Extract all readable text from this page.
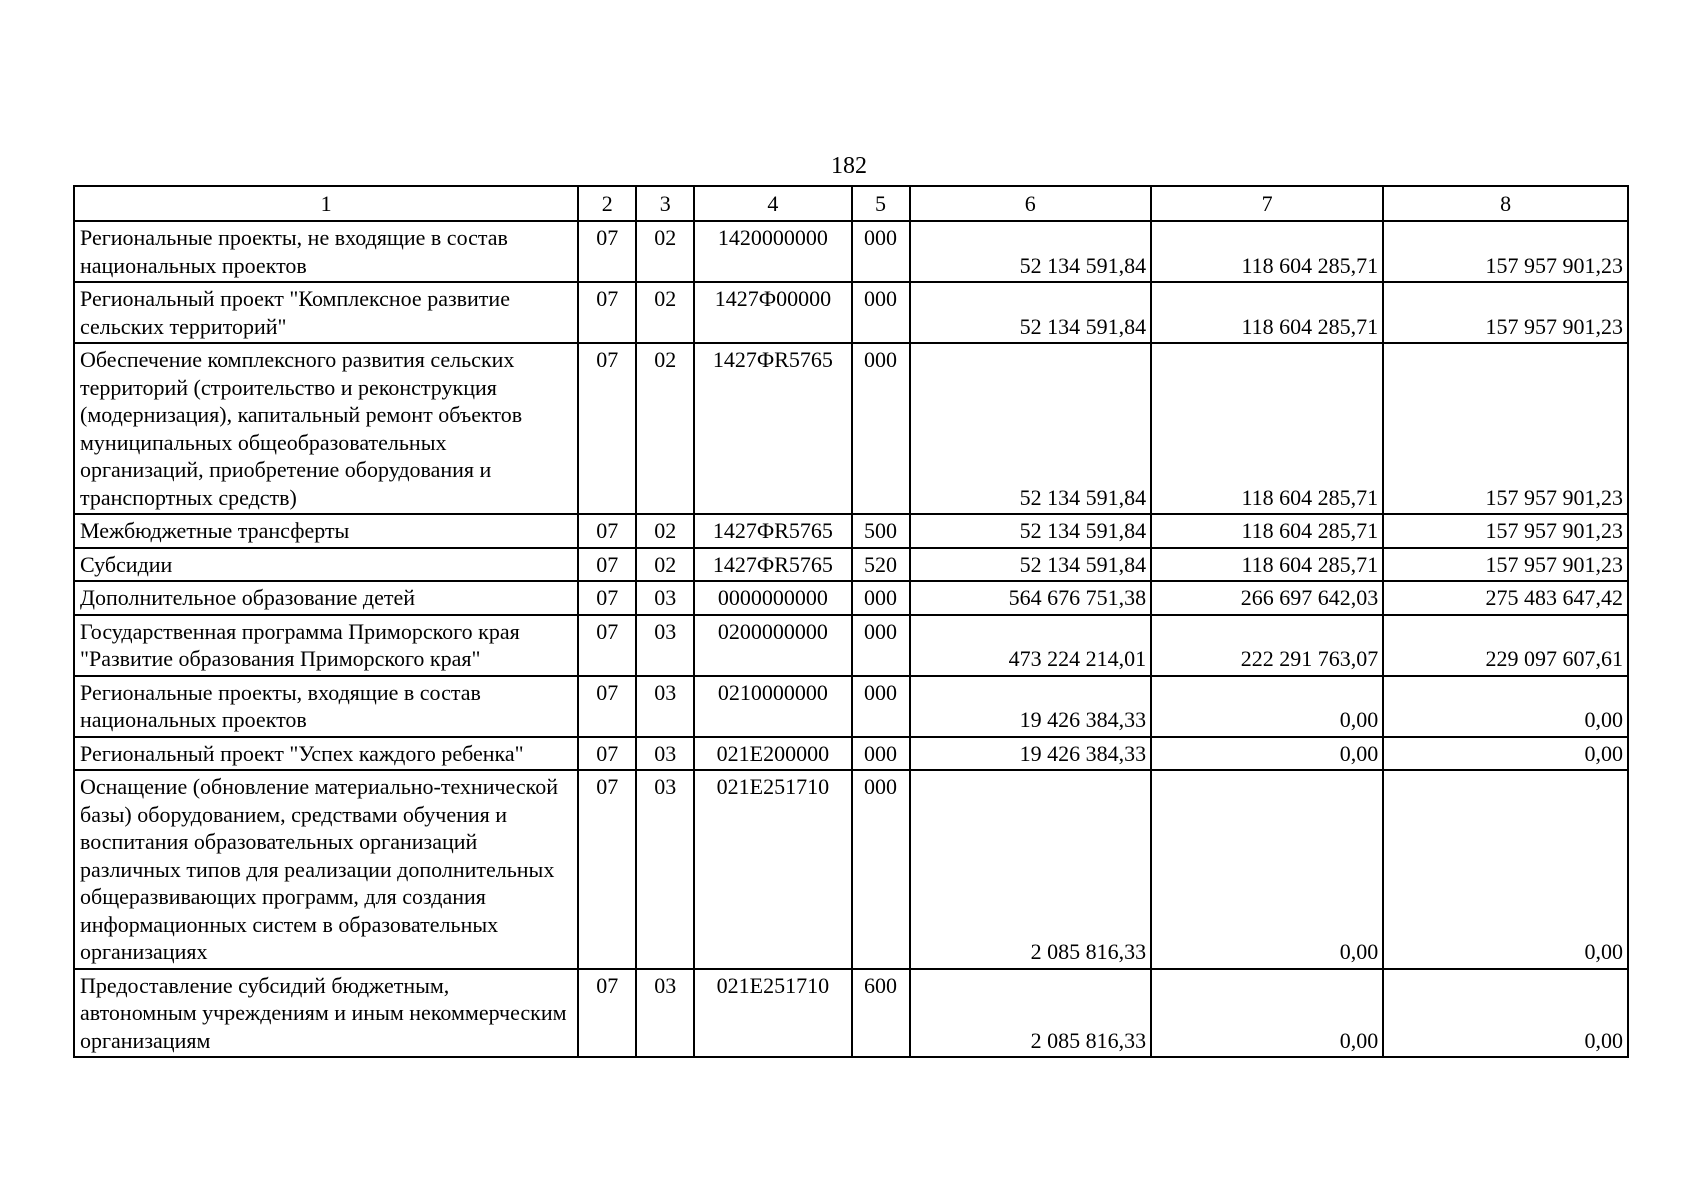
182
1	2	3	4	5	6	7	8
Региональные проекты, не входящие в состав национальных проектов	07	02	1420000000	000	52 134 591,84	118 604 285,71	157 957 901,23
Региональный проект "Комплексное развитие сельских территорий"	07	02	1427Ф00000	000	52 134 591,84	118 604 285,71	157 957 901,23
Обеспечение комплексного развития сельских территорий (строительство и реконструкция (модернизация), капитальный ремонт объектов муниципальных общеобразовательных организаций, приобретение оборудования и транспортных средств)	07	02	1427ФR5765	000	52 134 591,84	118 604 285,71	157 957 901,23
Межбюджетные трансферты	07	02	1427ФR5765	500	52 134 591,84	118 604 285,71	157 957 901,23
Субсидии	07	02	1427ФR5765	520	52 134 591,84	118 604 285,71	157 957 901,23
Дополнительное образование детей	07	03	0000000000	000	564 676 751,38	266 697 642,03	275 483 647,42
Государственная программа Приморского края "Развитие образования Приморского края"	07	03	0200000000	000	473 224 214,01	222 291 763,07	229 097 607,61
Региональные проекты, входящие в состав национальных проектов	07	03	0210000000	000	19 426 384,33	0,00	0,00
Региональный проект "Успех каждого ребенка"	07	03	021E200000	000	19 426 384,33	0,00	0,00
Оснащение (обновление материально-технической базы) оборудованием, средствами обучения и воспитания образовательных организаций различных типов для реализации дополнительных общеразвивающих программ, для создания информационных систем в образовательных организациях	07	03	021E251710	000	2 085 816,33	0,00	0,00
Предоставление субсидий бюджетным, автономным учреждениям и иным некоммерческим организациям	07	03	021E251710	600	2 085 816,33	0,00	0,00
